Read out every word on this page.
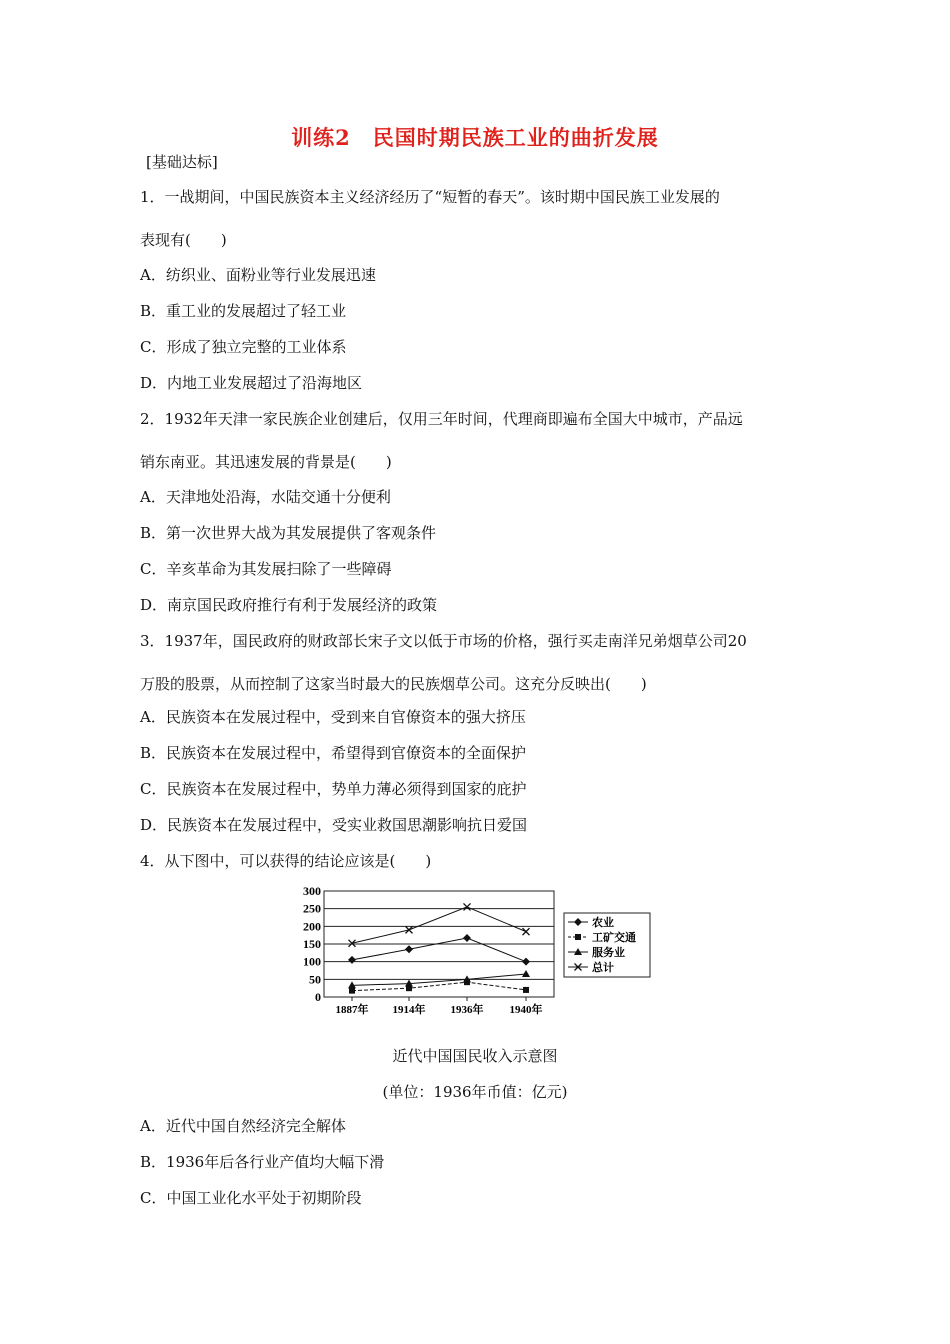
训练2　民国时期民族工业的曲折发展
[基础达标]
1．一战期间，中国民族资本主义经济经历了“短暂的春天”。该时期中国民族工业发展的
表现有(　　)
A．纺织业、面粉业等行业发展迅速
B．重工业的发展超过了轻工业
C．形成了独立完整的工业体系
D．内地工业发展超过了沿海地区
2．1932年天津一家民族企业创建后，仅用三年时间，代理商即遍布全国大中城市，产品远
销东南亚。其迅速发展的背景是(　　)
A．天津地处沿海，水陆交通十分便利
B．第一次世界大战为其发展提供了客观条件
C．辛亥革命为其发展扫除了一些障碍
D．南京国民政府推行有利于发展经济的政策
3．1937年，国民政府的财政部长宋子文以低于市场的价格，强行买走南洋兄弟烟草公司20
万股的股票，从而控制了这家当时最大的民族烟草公司。这充分反映出(　　)
A．民族资本在发展过程中，受到来自官僚资本的强大挤压
B．民族资本在发展过程中，希望得到官僚资本的全面保护
C．民族资本在发展过程中，势单力薄必须得到国家的庇护
D．民族资本在发展过程中，受实业救国思潮影响抗日爱国
4．从下图中，可以获得的结论应该是(　　)
A．近代中国自然经济完全解体
B．1936年后各行业产值均大幅下滑
C．中国工业化水平处于初期阶段
0
50
100
150
200
250
300
1887年 1914年 1936年 1940年
农业
工矿交通
服务业
总计
近代中国国民收入示意图
(单位：1936年币值：亿元)
